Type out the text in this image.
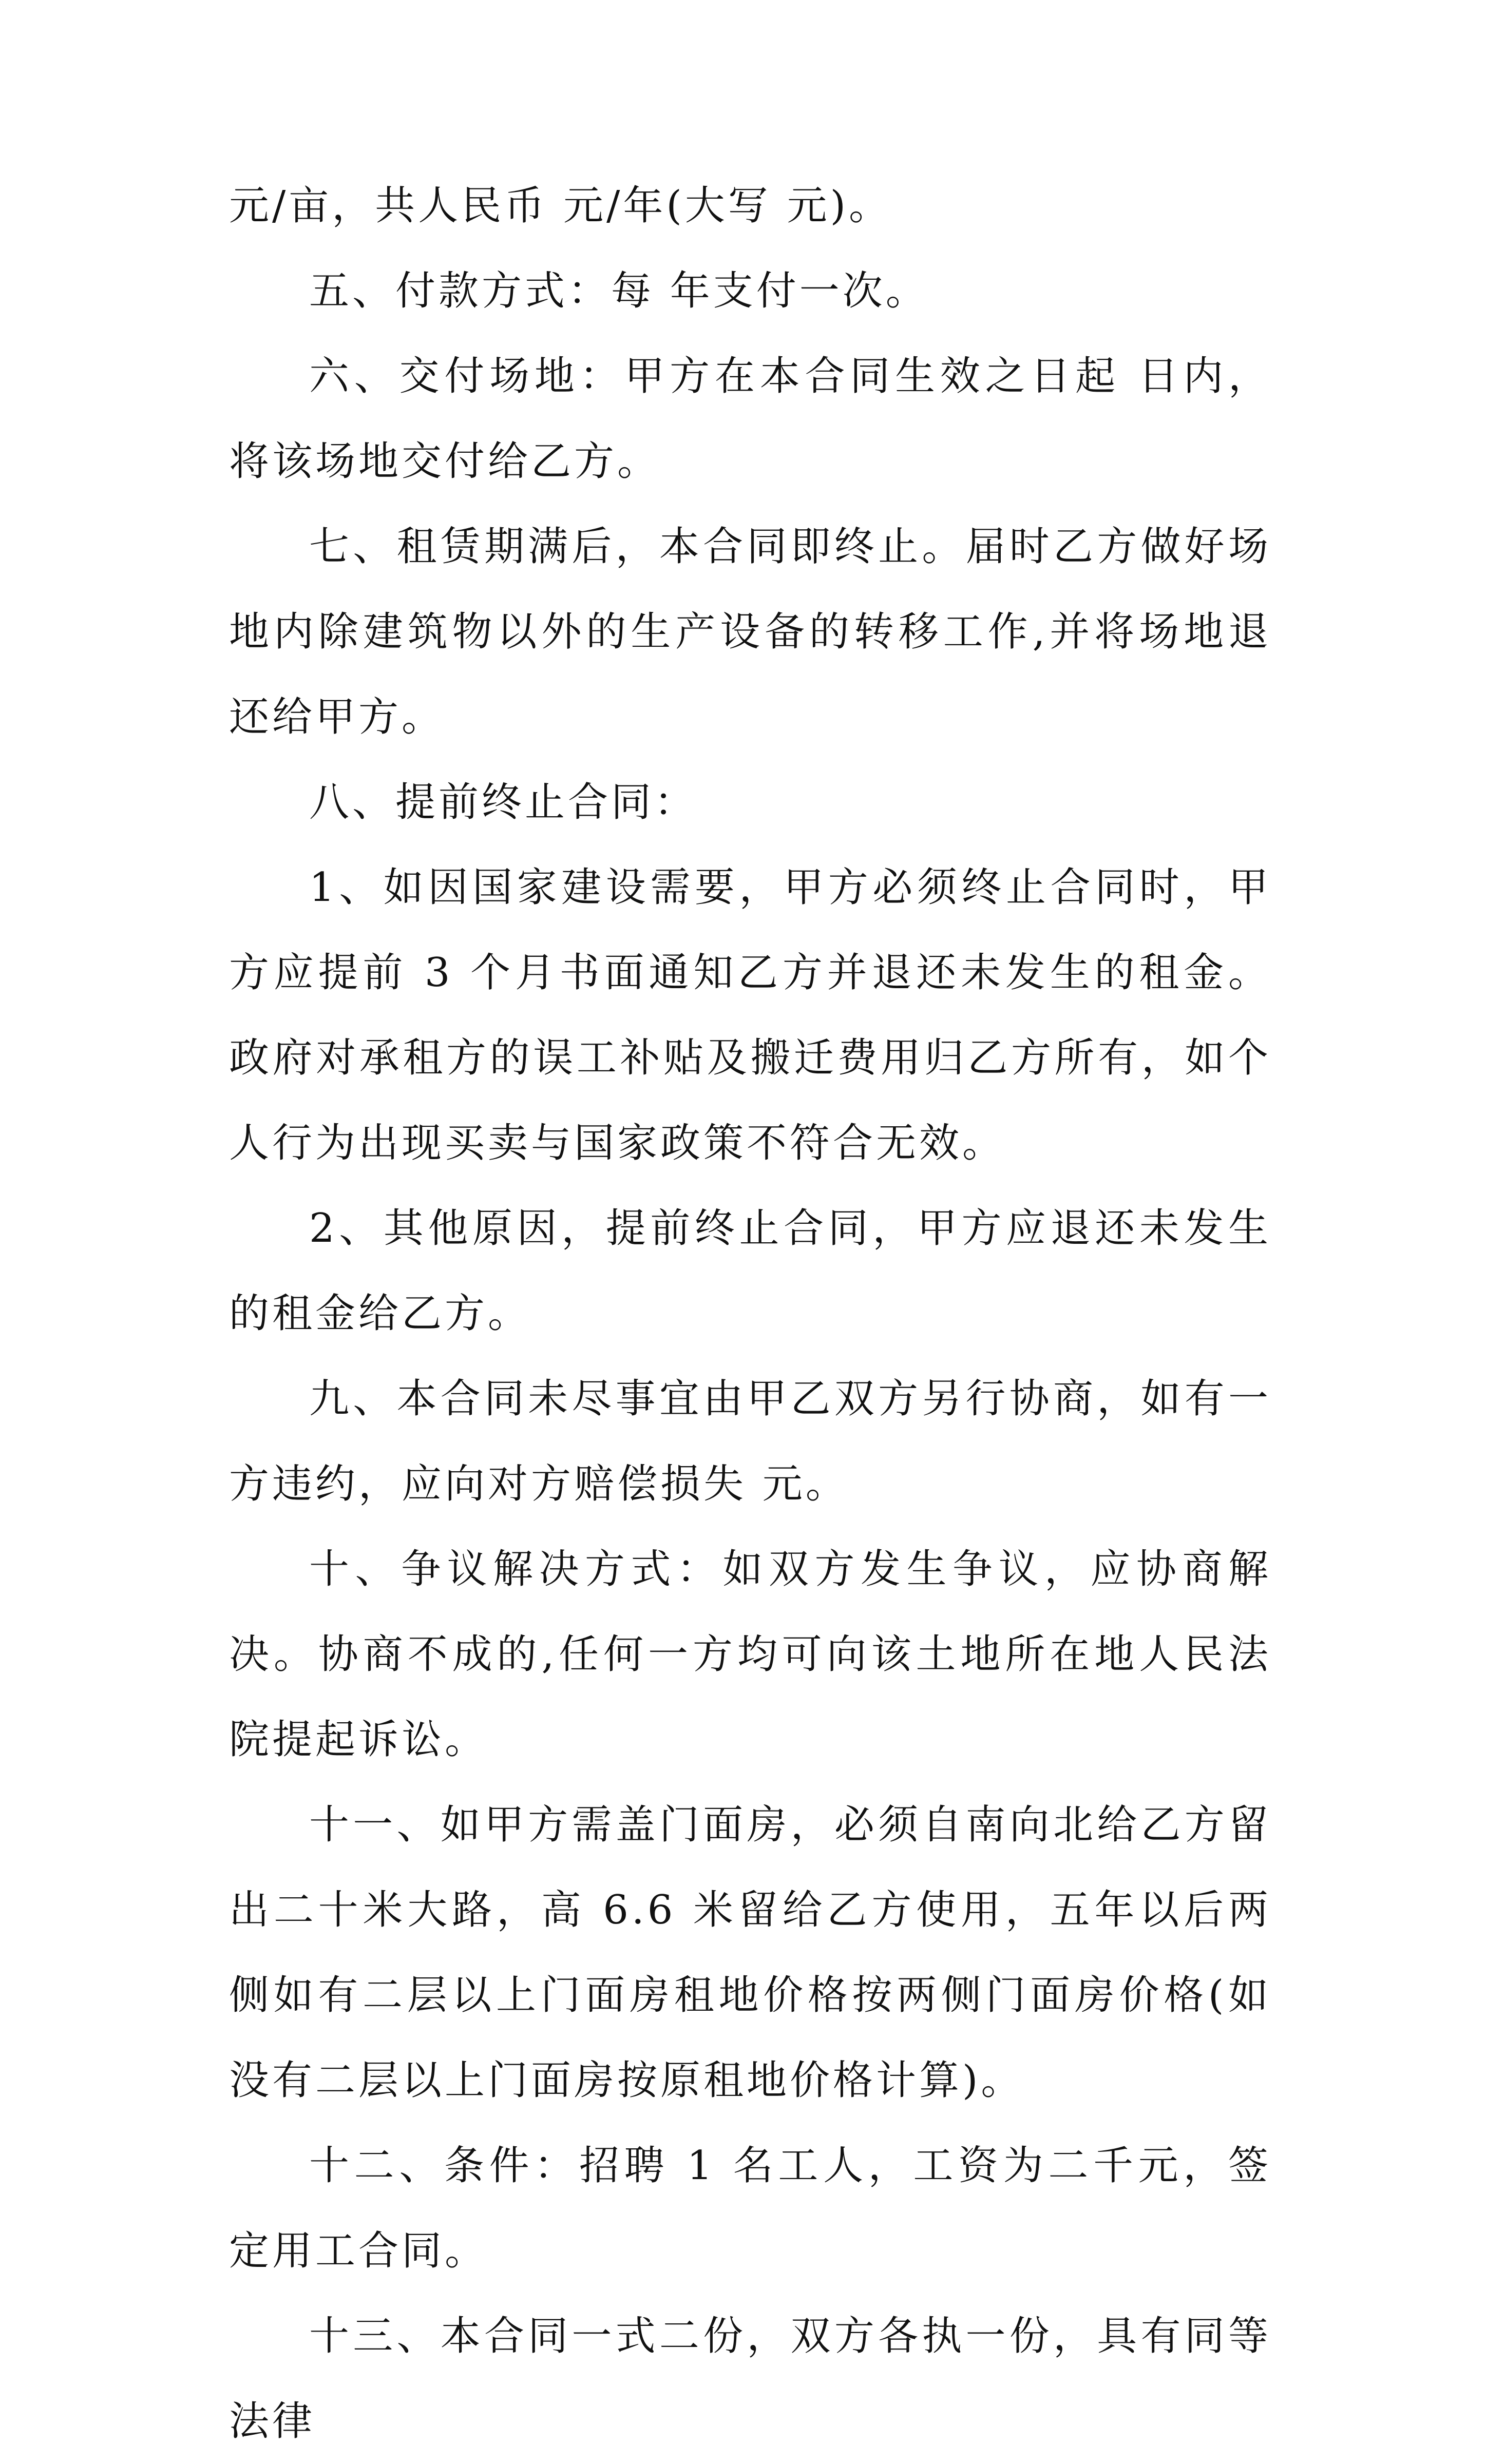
元/亩，共人民币 元/年(大写 元)。

五、付款方式：每 年支付一次。

六、交付场地：甲方在本合同生效之日起 日内，将该场地交付给乙方。

七、租赁期满后，本合同即终止。届时乙方做好场地内除建筑物以外的生产设备的转移工作,并将场地退还给甲方。

八、提前终止合同：

1、如因国家建设需要，甲方必须终止合同时，甲方应提前 3 个月书面通知乙方并退还未发生的租金。政府对承租方的误工补贴及搬迁费用归乙方所有，如个人行为出现买卖与国家政策不符合无效。

2、其他原因，提前终止合同，甲方应退还未发生的租金给乙方。

九、本合同未尽事宜由甲乙双方另行协商，如有一方违约，应向对方赔偿损失 元。

十、争议解决方式：如双方发生争议，应协商解决。协商不成的,任何一方均可向该土地所在地人民法院提起诉讼。

十一、如甲方需盖门面房，必须自南向北给乙方留出二十米大路，高 6.6 米留给乙方使用，五年以后两侧如有二层以上门面房租地价格按两侧门面房价格(如没有二层以上门面房按原租地价格计算)。

十二、条件：招聘 1 名工人，工资为二千元，签定用工合同。

十三、本合同一式二份，双方各执一份，具有同等法律
